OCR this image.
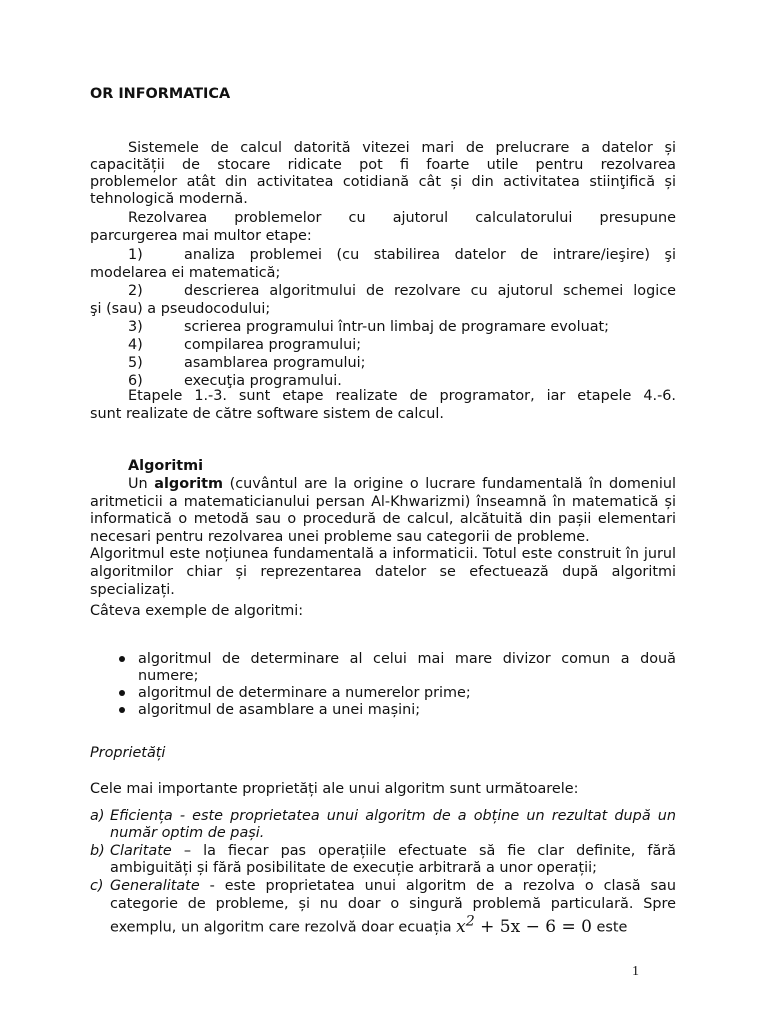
OR INFORMATICA

Sistemele de calcul datorită vitezei mari de prelucrare a datelor și

capacității de stocare ridicate pot fi foarte utile pentru rezolvarea

problemelor atât din activitatea cotidiană cât și din activitatea stiinţifică și

tehnologică modernă.

Rezolvarea problemelor cu ajutorul calculatorului presupune

parcurgerea mai multor etape:

1)	analiza problemei (cu stabilirea datelor de intrare/ieşire) şi
modelarea ei matematică;
2)	descrierea algoritmului de rezolvare cu ajutorul schemei logice
şi (sau) a pseudocodului;
3)	scrierea programului într-un limbaj de programare evoluat;
4)	compilarea programului;
5)	asamblarea programului;
6)	execuţia programului.

Etapele 1.-3. sunt etape realizate de programator, iar etapele 4.-6.

sunt realizate de către software sistem de calcul.

Algoritmi

Un algoritm (cuvântul are la origine o lucrare fundamentală în domeniul aritmeticii a matematicianului persan Al-Khwarizmi) înseamnă în matematică și informatică o metodă sau o procedură de calcul, alcătuită din pașii elementari necesari pentru rezolvarea unei probleme sau categorii de probleme.

Algoritmul este noțiunea fundamentală a informaticii. Totul este construit în jurul algoritmilor chiar și reprezentarea datelor se efectuează după algoritmi specializați.

Câteva exemple de algoritmi:

algoritmul de determinare al celui mai mare divizor comun a două numere;
algoritmul de determinare a numerelor prime;
algoritmul de asamblare a unei mașini;
Proprietăți

Cele mai importante proprietăți ale unui algoritm sunt următoarele:

a) Eficiența - este proprietatea unui algoritm de a obține un rezultat după un număr optim de pași.
b) Claritate – la fiecar pas operațiile efectuate să fie clar definite, fără ambiguități și fără posibilitate de execuție arbitrară a unor operații;
c) Generalitate - este proprietatea unui algoritm de a rezolva o clasă sau categorie de probleme, și nu doar o singură problemă particulară. Spre exemplu, un algoritm care rezolvă doar ecuația $x^2 + 5x - 6 = 0$ este
1
